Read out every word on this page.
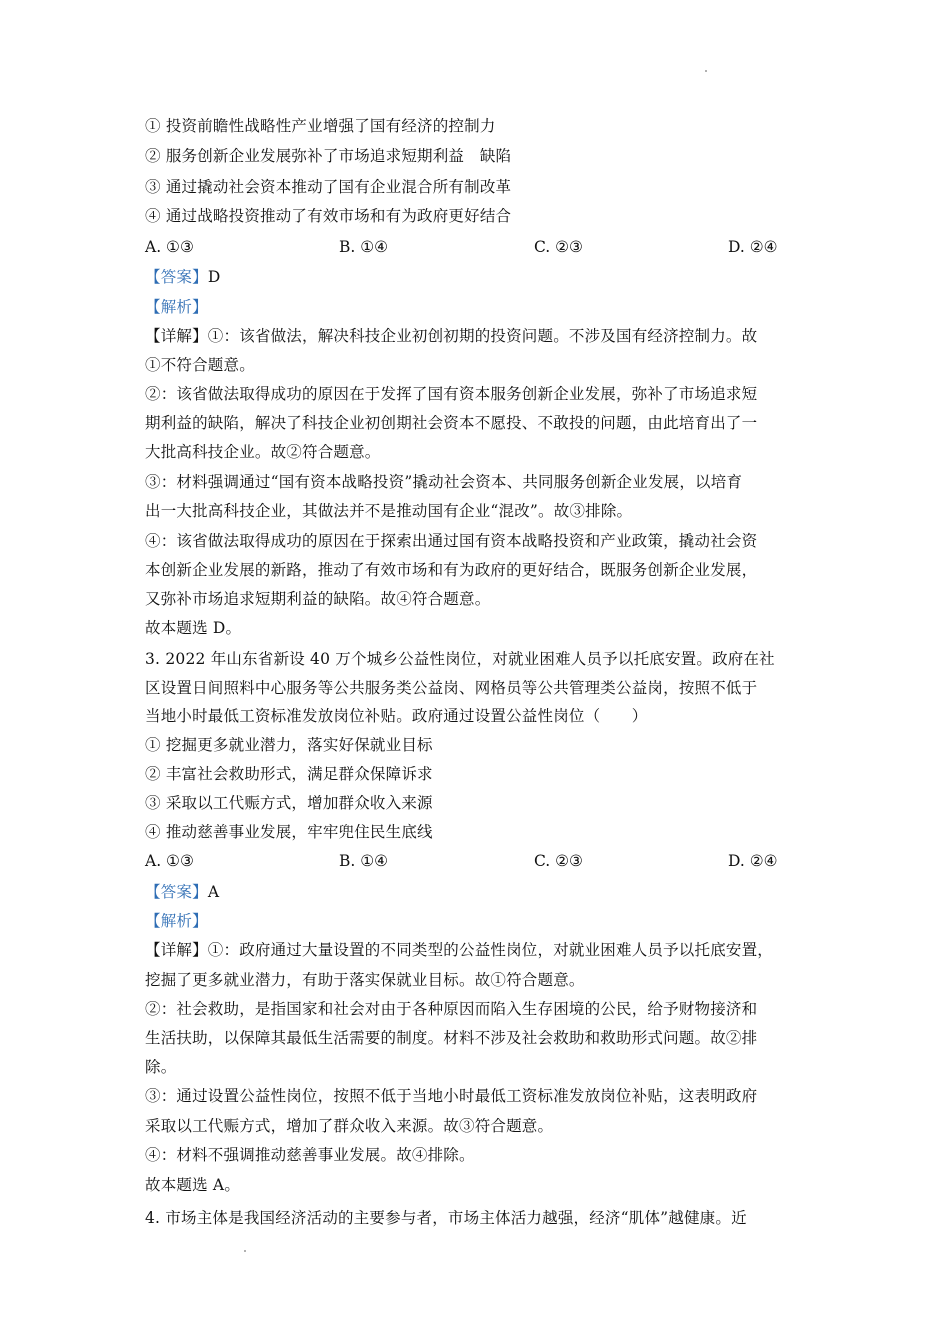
① 投资前瞻性战略性产业增强了国有经济的控制力
② 服务创新企业发展弥补了市场追求短期利益　缺陷
③ 通过撬动社会资本推动了国有企业混合所有制改革
④ 通过战略投资推动了有效市场和有为政府更好结合
A. ①③	B. ①④	C. ②③	D. ②④
【答案】D
【解析】
【详解】①：该省做法，解决科技企业初创初期的投资问题。不涉及国有经济控制力。故
①不符合题意。
②：该省做法取得成功的原因在于发挥了国有资本服务创新企业发展，弥补了市场追求短
期利益的缺陷，解决了科技企业初创期社会资本不愿投、不敢投的问题，由此培育出了一
大批高科技企业。故②符合题意。
③：材料强调通过“国有资本战略投资”撬动社会资本、共同服务创新企业发展，以培育
出一大批高科技企业，其做法并不是推动国有企业“混改”。故③排除。
④：该省做法取得成功的原因在于探索出通过国有资本战略投资和产业政策，撬动社会资
本创新企业发展的新路，推动了有效市场和有为政府的更好结合，既服务创新企业发展，
又弥补市场追求短期利益的缺陷。故④符合题意。
故本题选 D。
3. 2022 年山东省新设 40 万个城乡公益性岗位，对就业困难人员予以托底安置。政府在社
区设置日间照料中心服务等公共服务类公益岗、网格员等公共管理类公益岗，按照不低于
当地小时最低工资标准发放岗位补贴。政府通过设置公益性岗位（　　）
① 挖掘更多就业潜力，落实好保就业目标
② 丰富社会救助形式，满足群众保障诉求
③ 采取以工代赈方式，增加群众收入来源
④ 推动慈善事业发展，牢牢兜住民生底线
A. ①③	B. ①④	C. ②③	D. ②④
【答案】A
【解析】
【详解】①：政府通过大量设置的不同类型的公益性岗位，对就业困难人员予以托底安置，
挖掘了更多就业潜力，有助于落实保就业目标。故①符合题意。
②：社会救助，是指国家和社会对由于各种原因而陷入生存困境的公民，给予财物接济和
生活扶助，以保障其最低生活需要的制度。材料不涉及社会救助和救助形式问题。故②排
除。
③：通过设置公益性岗位，按照不低于当地小时最低工资标准发放岗位补贴，这表明政府
采取以工代赈方式，增加了群众收入来源。故③符合题意。
④：材料不强调推动慈善事业发展。故④排除。
故本题选 A。
4. 市场主体是我国经济活动的主要参与者，市场主体活力越强，经济“肌体”越健康。近
